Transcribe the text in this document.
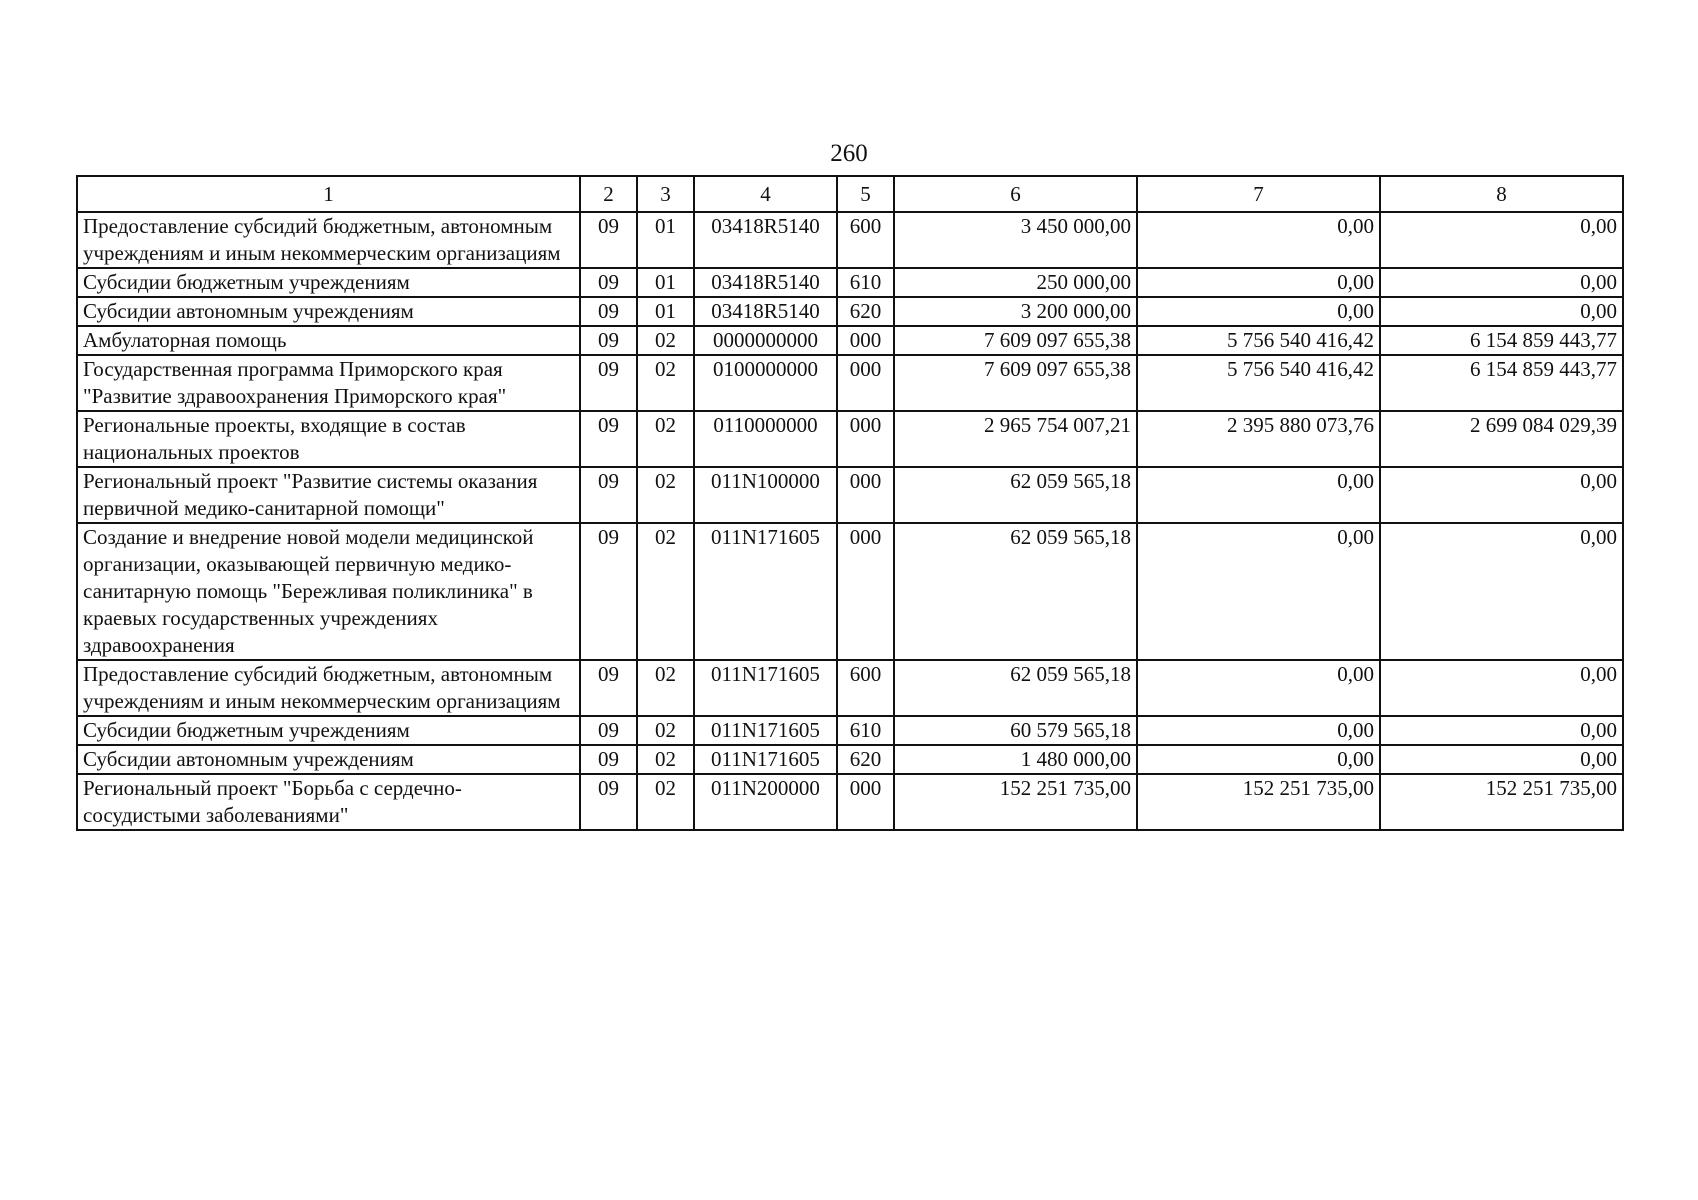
260
1	2	3	4	5	6	7	8
Предоставление субсидий бюджетным, автономным учреждениям и иным некоммерческим организациям	09	01	03418R5140	600	3 450 000,00	0,00	0,00
Субсидии бюджетным учреждениям	09	01	03418R5140	610	250 000,00	0,00	0,00
Субсидии автономным учреждениям	09	01	03418R5140	620	3 200 000,00	0,00	0,00
Амбулаторная помощь	09	02	0000000000	000	7 609 097 655,38	5 756 540 416,42	6 154 859 443,77
Государственная программа Приморского края "Развитие здравоохранения Приморского края"	09	02	0100000000	000	7 609 097 655,38	5 756 540 416,42	6 154 859 443,77
Региональные проекты, входящие в состав национальных проектов	09	02	0110000000	000	2 965 754 007,21	2 395 880 073,76	2 699 084 029,39
Региональный проект "Развитие системы оказания первичной медико-санитарной помощи"	09	02	011N100000	000	62 059 565,18	0,00	0,00
Создание и внедрение новой модели медицинской организации, оказывающей первичную медико-санитарную помощь "Бережливая поликлиника" в краевых государственных учреждениях здравоохранения	09	02	011N171605	000	62 059 565,18	0,00	0,00
Предоставление субсидий бюджетным, автономным учреждениям и иным некоммерческим организациям	09	02	011N171605	600	62 059 565,18	0,00	0,00
Субсидии бюджетным учреждениям	09	02	011N171605	610	60 579 565,18	0,00	0,00
Субсидии автономным учреждениям	09	02	011N171605	620	1 480 000,00	0,00	0,00
Региональный проект "Борьба с сердечно-сосудистыми заболеваниями"	09	02	011N200000	000	152 251 735,00	152 251 735,00	152 251 735,00
